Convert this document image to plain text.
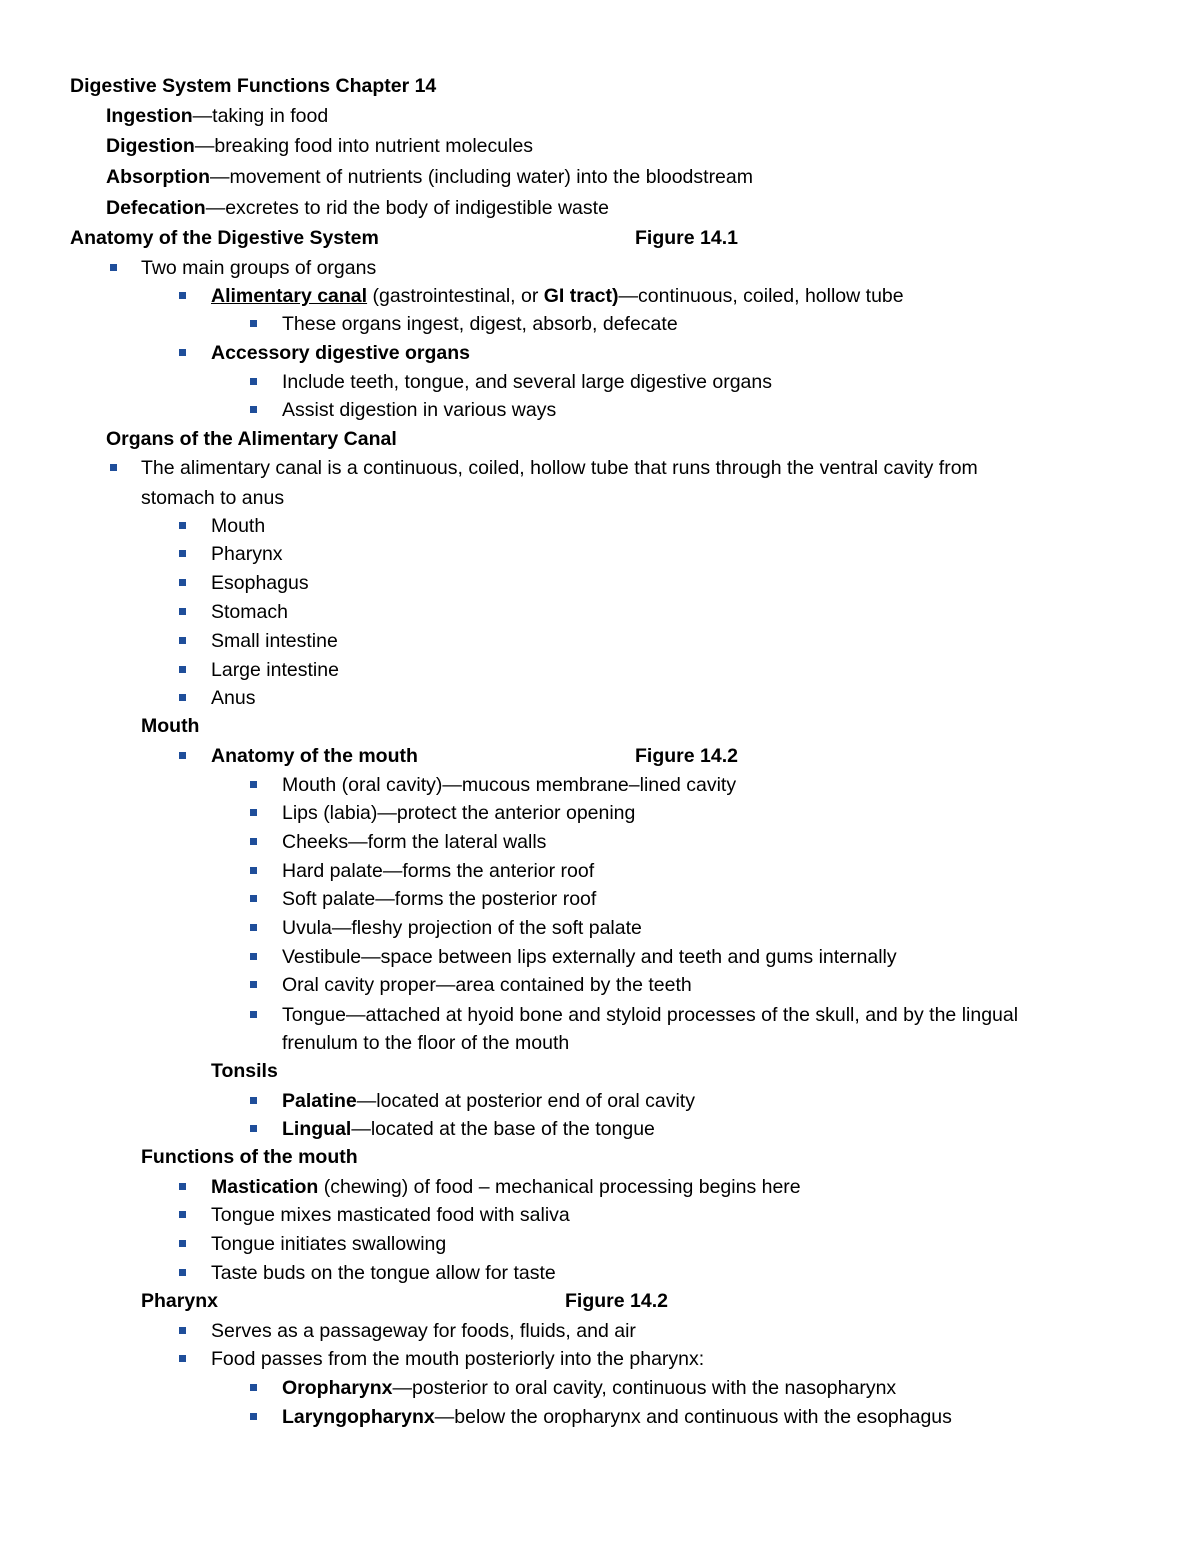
Digestive System Functions Chapter 14
Ingestion—taking in food
Digestion—breaking food into nutrient molecules
Absorption—movement of nutrients (including water) into the bloodstream
Defecation—excretes to rid the body of indigestible waste
Anatomy of the Digestive System	Figure 14.1
Two main groups of organs
Alimentary canal (gastrointestinal, or GI tract)—continuous, coiled, hollow tube
These organs ingest, digest, absorb, defecate
Accessory digestive organs
Include teeth, tongue, and several large digestive organs
Assist digestion in various ways
Organs of the Alimentary Canal
The alimentary canal is a continuous, coiled, hollow tube that runs through the ventral cavity from
stomach to anus
Mouth
Pharynx
Esophagus
Stomach
Small intestine
Large intestine
Anus
Mouth
Anatomy of the mouth	Figure 14.2
Mouth (oral cavity)—mucous membrane–lined cavity
Lips (labia)—protect the anterior opening
Cheeks—form the lateral walls
Hard palate—forms the anterior roof
Soft palate—forms the posterior roof
Uvula—fleshy projection of the soft palate
Vestibule—space between lips externally and teeth and gums internally
Oral cavity proper—area contained by the teeth
Tongue—attached at hyoid bone and styloid processes of the skull, and by the lingual
frenulum to the floor of the mouth
Tonsils
Palatine—located at posterior end of oral cavity
Lingual—located at the base of the tongue
Functions of the mouth
Mastication (chewing) of food – mechanical processing begins here
Tongue mixes masticated food with saliva
Tongue initiates swallowing
Taste buds on the tongue allow for taste
Pharynx	Figure 14.2
Serves as a passageway for foods, fluids, and air
Food passes from the mouth posteriorly into the pharynx:
Oropharynx—posterior to oral cavity, continuous with the nasopharynx
Laryngopharynx—below the oropharynx and continuous with the esophagus
